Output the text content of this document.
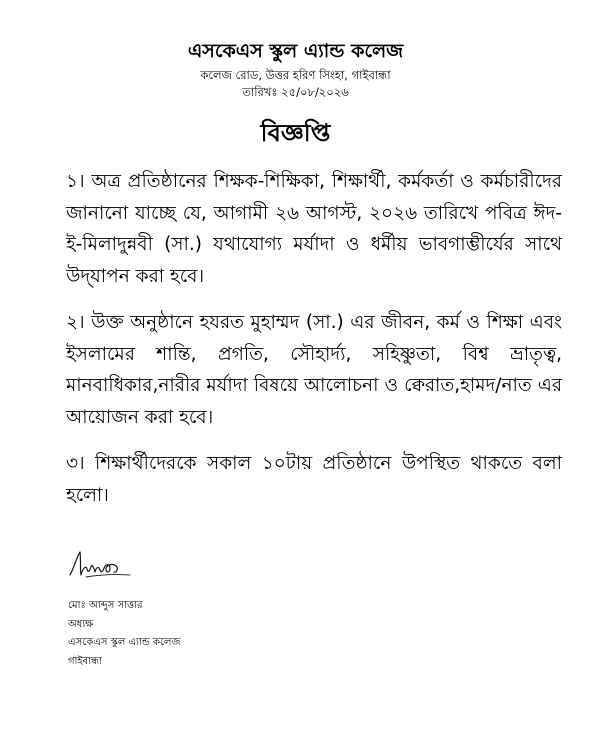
এসকেএস স্কুল এ্যান্ড কলেজ
কলেজ রোড, উত্তর হরিণ সিংহা, গাইবান্ধা
তারিখঃ ২৫/০৮/২০২৬
বিজ্ঞপ্তি

১। অত্র প্রতিষ্ঠানের শিক্ষক-শিক্ষিকা, শিক্ষার্থী, কর্মকর্তা ও কর্মচারীদের জানানো যাচ্ছে যে, আগামী ২৬ আগস্ট, ২০২৬ তারিখে পবিত্র ঈদ-ই-মিলাদুন্নবী (সা.) যথাযোগ্য মর্যাদা ও ধর্মীয় ভাবগাম্ভীর্যের সাথে উদ্‌যাপন করা হবে।

২। উক্ত অনুষ্ঠানে হযরত মুহাম্মদ (সা.) এর জীবন, কর্ম ও শিক্ষা এবং ইসলামের শান্তি, প্রগতি, সৌহার্দ্য, সহিষ্ণুতা, বিশ্ব ভ্রাতৃত্ব, মানবাধিকার,নারীর মর্যাদা বিষয়ে আলোচনা ও ক্বেরাত,হামদ/নাত এর আয়োজন করা হবে।

৩। শিক্ষার্থীদেরকে সকাল ১০টায় প্রতিষ্ঠানে উপস্থিত থাকতে বলা হলো।

মোঃ আব্দুস সাত্তার
অধ্যক্ষ
এসকেএস স্কুল এ্যান্ড কলেজ
গাইবান্ধা
